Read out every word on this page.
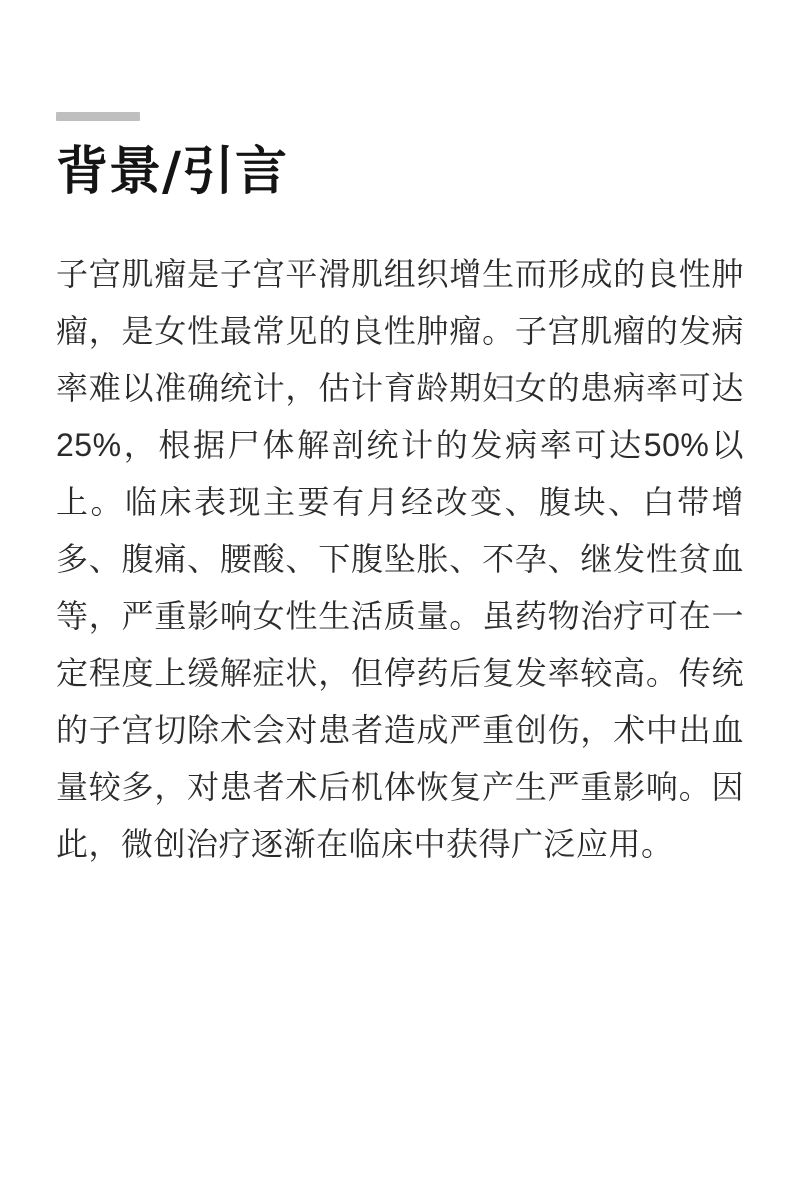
背景/引言

子宫肌瘤是子宫平滑肌组织增生而形成的良性肿瘤，是女性最常见的良性肿瘤。子宫肌瘤的发病率难以准确统计，估计育龄期妇女的患病率可达25%，根据尸体解剖统计的发病率可达50%以上。临床表现主要有月经改变、腹块、白带增多、腹痛、腰酸、下腹坠胀、不孕、继发性贫血等，严重影响女性生活质量。虽药物治疗可在一定程度上缓解症状，但停药后复发率较高。传统的子宫切除术会对患者造成严重创伤，术中出血量较多，对患者术后机体恢复产生严重影响。因此，微创治疗逐渐在临床中获得广泛应用。
